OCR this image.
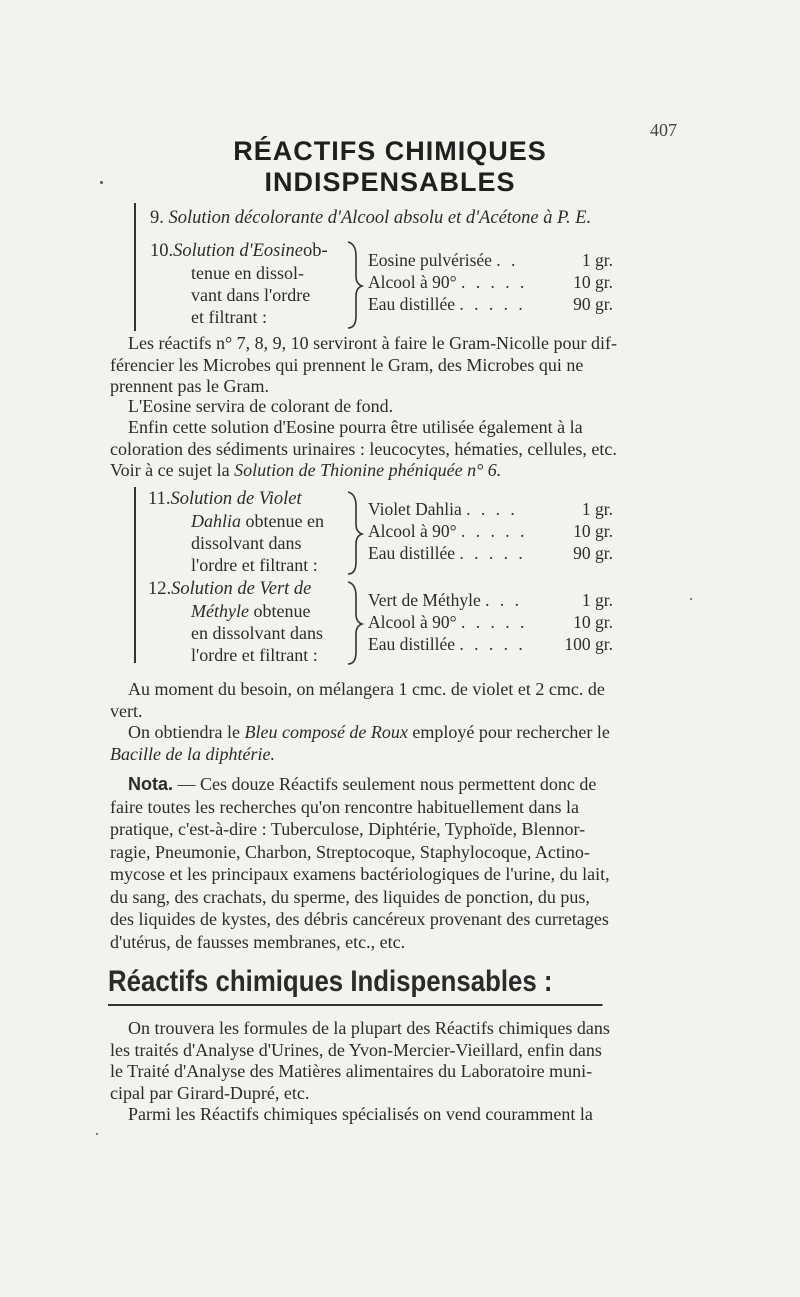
407
RÉACTIFS CHIMIQUES INDISPENSABLES
9. Solution décolorante d'Alcool absolu et d'Acétone à P. E.
10.Solution d'Eosineob-
tenue en dissol-
vant dans l'ordre
et filtrant :
Eosine pulvérisée . .	1 gr.
Alcool à 90° . . . . .	10 gr.
Eau distillée . . . . .	90 gr.
Les réactifs n° 7, 8, 9, 10 serviront à faire le Gram-Nicolle pour dif-
férencier les Microbes qui prennent le Gram, des Microbes qui ne
prennent pas le Gram.
L'Eosine servira de colorant de fond.
Enfin cette solution d'Eosine pourra être utilisée également à la
coloration des sédiments urinaires : leucocytes, hématies, cellules, etc.
Voir à ce sujet la Solution de Thionine phéniquée n° 6.
11.Solution de Violet
Dahlia obtenue en
dissolvant dans
l'ordre et filtrant :
Violet Dahlia . . . .	1 gr.
Alcool à 90° . . . . .	10 gr.
Eau distillée . . . . .	90 gr.
12.Solution de Vert de
Méthyle obtenue
en dissolvant dans
l'ordre et filtrant :
Vert de Méthyle . . .	1 gr.
Alcool à 90° . . . . .	10 gr.
Eau distillée . . . . .	100 gr.
Au moment du besoin, on mélangera 1 cmc. de violet et 2 cmc. de
vert.
On obtiendra le Bleu composé de Roux employé pour rechercher le
Bacille de la diphtérie.
Nota. — Ces douze Réactifs seulement nous permettent donc de
faire toutes les recherches qu'on rencontre habituellement dans la
pratique, c'est-à-dire : Tuberculose, Diphtérie, Typhoïde, Blennor-
ragie, Pneumonie, Charbon, Streptocoque, Staphylocoque, Actino-
mycose et les principaux examens bactériologiques de l'urine, du lait,
du sang, des crachats, du sperme, des liquides de ponction, du pus,
des liquides de kystes, des débris cancéreux provenant des curretages
d'utérus, de fausses membranes, etc., etc.
Réactifs chimiques Indispensables :
On trouvera les formules de la plupart des Réactifs chimiques dans
les traités d'Analyse d'Urines, de Yvon-Mercier-Vieillard, enfin dans
le Traité d'Analyse des Matières alimentaires du Laboratoire muni-
cipal par Girard-Dupré, etc.
Parmi les Réactifs chimiques spécialisés on vend couramment la
